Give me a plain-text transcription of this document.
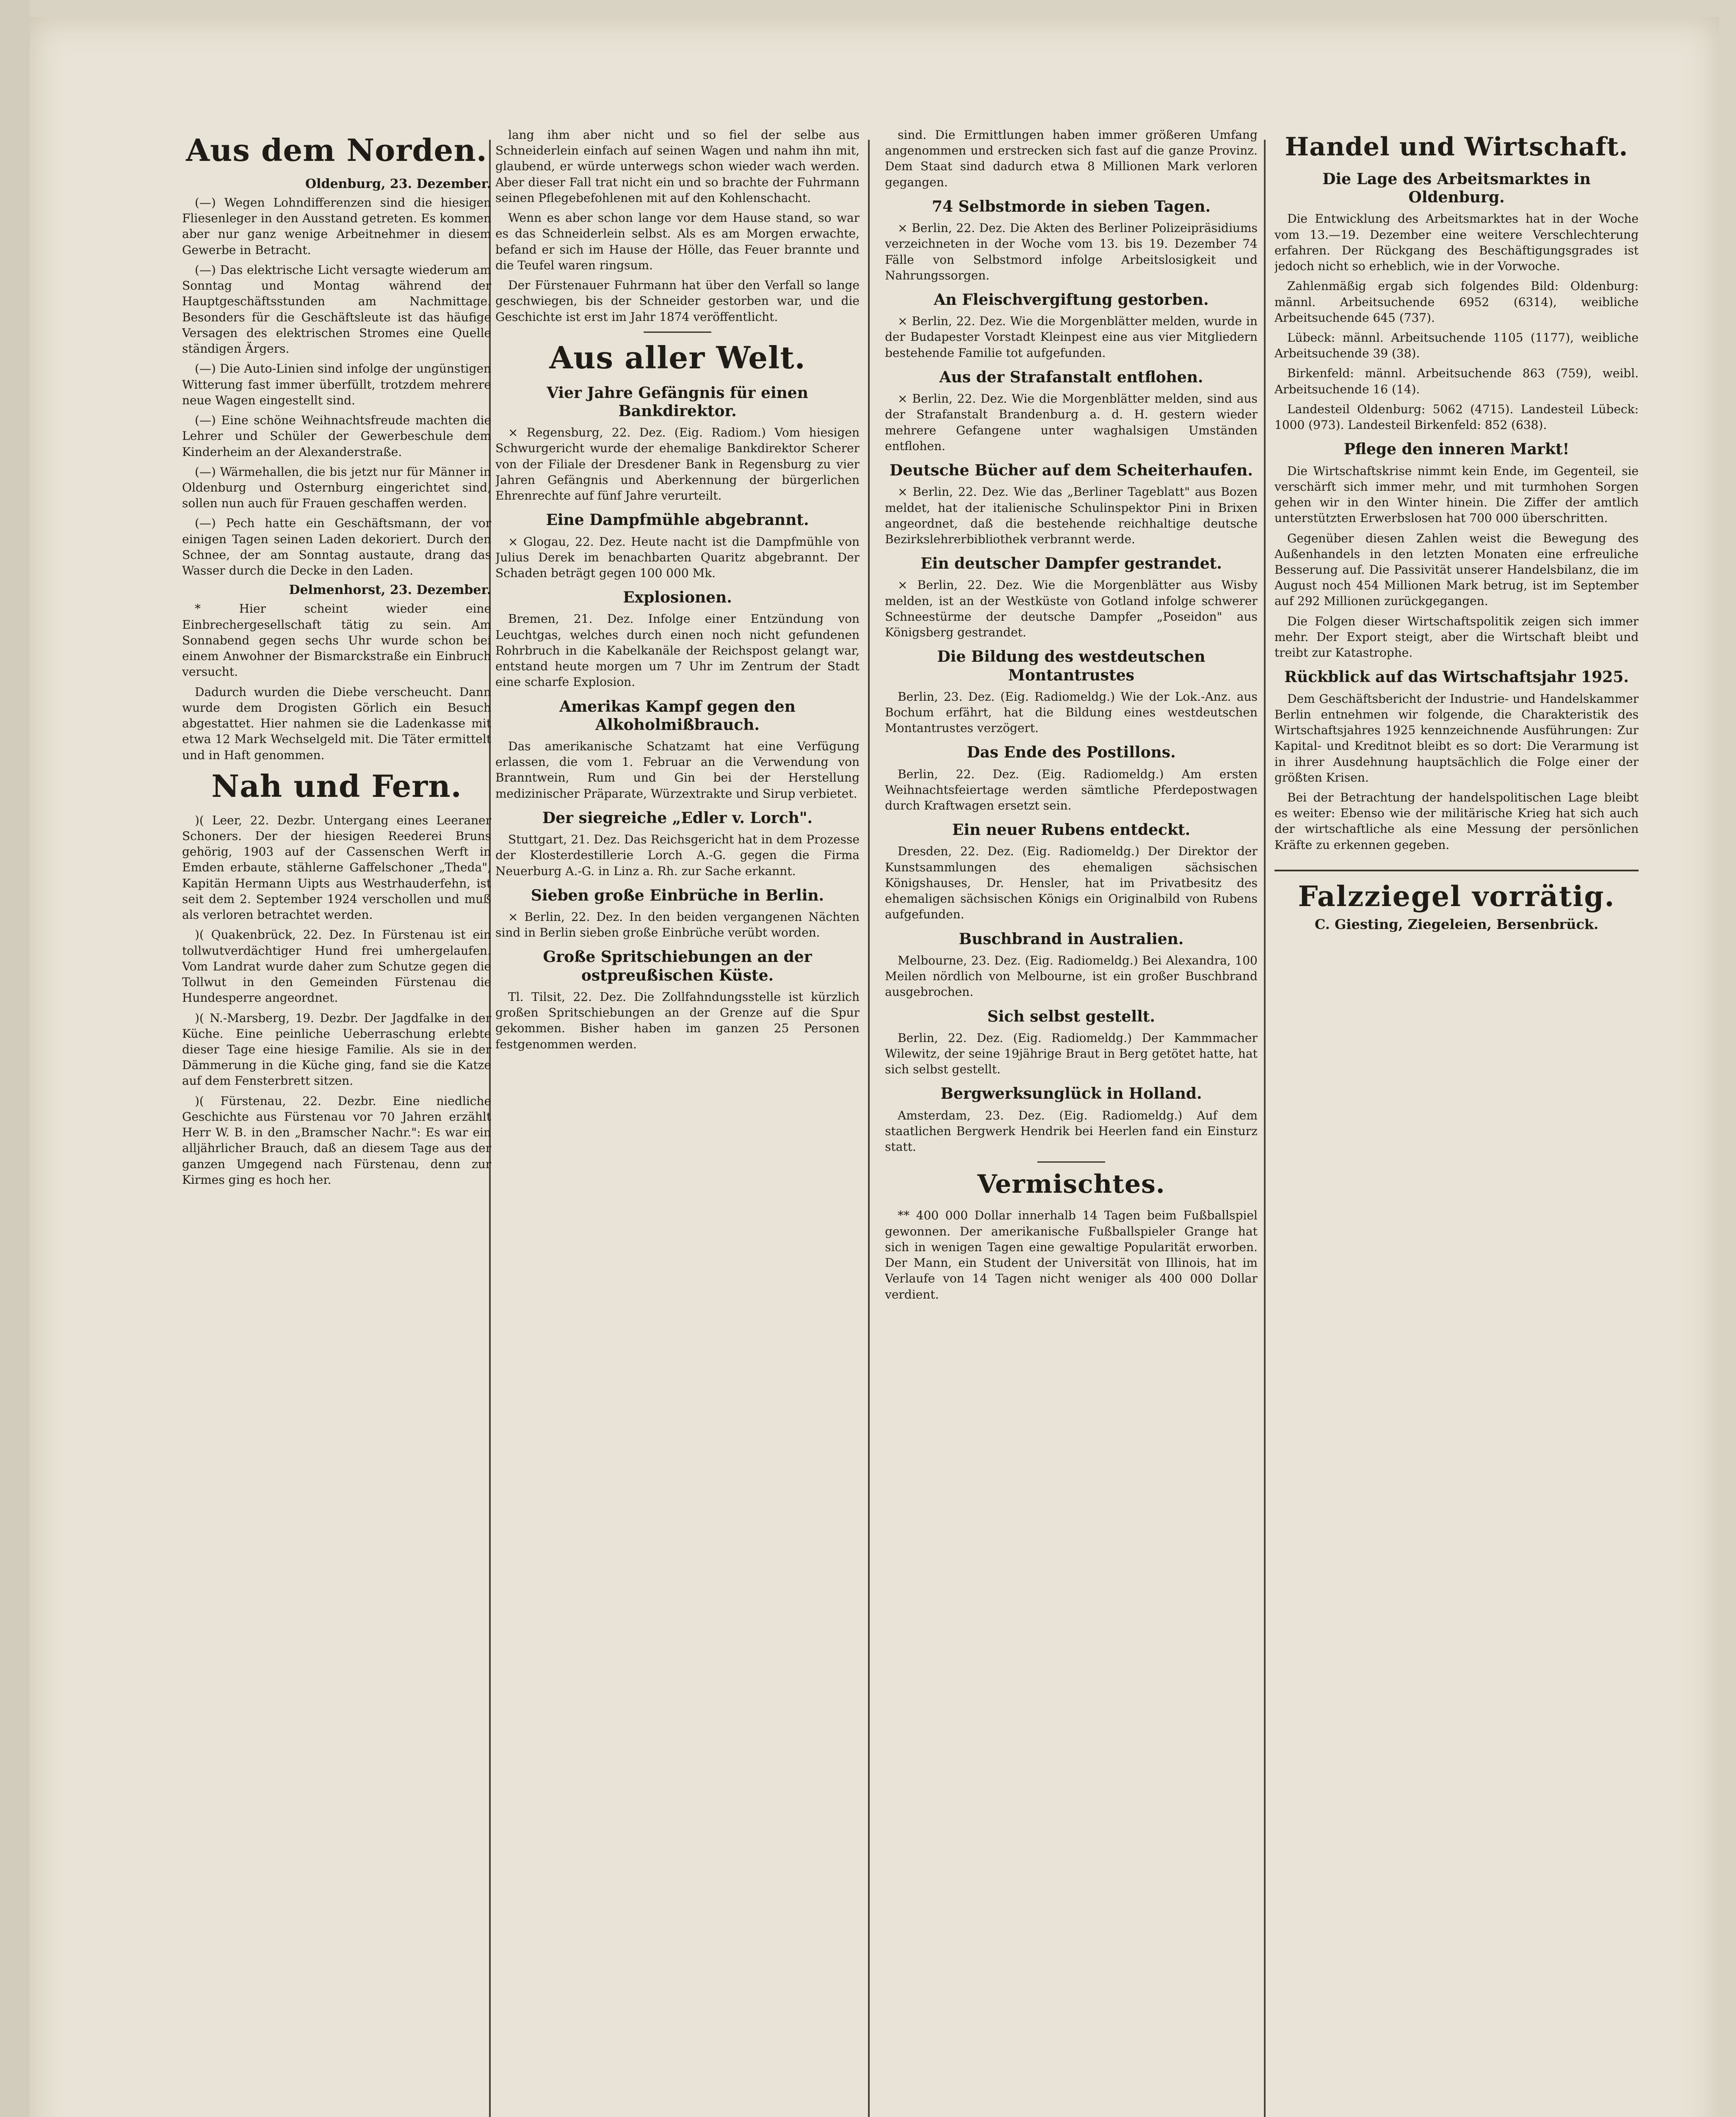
Aus dem Norden.
Oldenburg, 23. Dezember.

(—) Wegen Lohndifferenzen sind die hiesigen Fliesenleger in den Ausstand getreten. Es kommen aber nur ganz wenige Arbeitnehmer in diesem Gewerbe in Betracht.

(—) Das elektrische Licht versagte wiederum am Sonntag und Montag während der Hauptgeschäftsstunden am Nachmittage. Besonders für die Geschäftsleute ist das häufige Versagen des elektrischen Stromes eine Quelle ständigen Ärgers.

(—) Die Auto-Linien sind infolge der ungünstigen Witterung fast immer überfüllt, trotzdem mehrere neue Wagen eingestellt sind.

(—) Eine schöne Weihnachtsfreude machten die Lehrer und Schüler der Gewerbeschule dem Kinderheim an der Alexanderstraße.

(—) Wärmehallen, die bis jetzt nur für Männer in Oldenburg und Osternburg eingerichtet sind, sollen nun auch für Frauen geschaffen werden.

(—) Pech hatte ein Geschäftsmann, der vor einigen Tagen seinen Laden dekoriert. Durch den Schnee, der am Sonntag austaute, drang das Wasser durch die Decke in den Laden.

Delmenhorst, 23. Dezember.

* Hier scheint wieder eine Einbrechergesellschaft tätig zu sein. Am Sonnabend gegen sechs Uhr wurde schon bei einem Anwohner der Bismarckstraße ein Einbruch versucht.

Dadurch wurden die Diebe verscheucht. Dann wurde dem Drogisten Görlich ein Besuch abgestattet. Hier nahmen sie die Ladenkasse mit etwa 12 Mark Wechselgeld mit. Die Täter ermittelt und in Haft genommen.

Nah und Fern.

)( Leer, 22. Dezbr. Untergang eines Leeraner Schoners. Der der hiesigen Reederei Bruns gehörig, 1903 auf der Cassenschen Werft in Emden erbaute, stählerne Gaffelschoner „Theda", Kapitän Hermann Uipts aus Westrhauderfehn, ist seit dem 2. September 1924 verschollen und muß als verloren betrachtet werden.

)( Quakenbrück, 22. Dez. In Fürstenau ist ein tollwutverdächtiger Hund frei umhergelaufen. Vom Landrat wurde daher zum Schutze gegen die Tollwut in den Gemeinden Fürstenau die Hundesperre angeordnet.

)( N.-Marsberg, 19. Dezbr. Der Jagdfalke in der Küche. Eine peinliche Ueberraschung erlebte dieser Tage eine hiesige Familie. Als sie in der Dämmerung in die Küche ging, fand sie die Katze auf dem Fensterbrett sitzen.

)( Fürstenau, 22. Dezbr. Eine niedliche Geschichte aus Fürstenau vor 70 Jahren erzählt Herr W. B. in den „Bramscher Nachr.": Es war ein alljährlicher Brauch, daß an diesem Tage aus der ganzen Umgegend nach Fürstenau, denn zur Kirmes ging es hoch her.

lang ihm aber nicht und so fiel der selbe aus Schneiderlein einfach auf seinen Wagen und nahm ihn mit, glaubend, er würde unterwegs schon wieder wach werden. Aber dieser Fall trat nicht ein und so brachte der Fuhrmann seinen Pflegebefohlenen mit auf den Kohlenschacht.

Wenn es aber schon lange vor dem Hause stand, so war es das Schneiderlein selbst. Als es am Morgen erwachte, befand er sich im Hause der Hölle, das Feuer brannte und die Teufel waren ringsum.

Der Fürstenauer Fuhrmann hat über den Verfall so lange geschwiegen, bis der Schneider gestorben war, und die Geschichte ist erst im Jahr 1874 veröffentlicht.

Aus aller Welt.
Vier Jahre Gefängnis für einen Bankdirektor.

× Regensburg, 22. Dez. (Eig. Radiom.) Vom hiesigen Schwurgericht wurde der ehemalige Bankdirektor Scherer von der Filiale der Dresdener Bank in Regensburg zu vier Jahren Gefängnis und Aberkennung der bürgerlichen Ehrenrechte auf fünf Jahre verurteilt.

Eine Dampfmühle abgebrannt.

× Glogau, 22. Dez. Heute nacht ist die Dampfmühle von Julius Derek im benachbarten Quaritz abgebrannt. Der Schaden beträgt gegen 100 000 Mk.

Explosionen.

Bremen, 21. Dez. Infolge einer Entzündung von Leuchtgas, welches durch einen noch nicht gefundenen Rohrbruch in die Kabelkanäle der Reichspost gelangt war, entstand heute morgen um 7 Uhr im Zentrum der Stadt eine scharfe Explosion.

Amerikas Kampf gegen den Alkoholmißbrauch.

Das amerikanische Schatzamt hat eine Verfügung erlassen, die vom 1. Februar an die Verwendung von Branntwein, Rum und Gin bei der Herstellung medizinischer Präparate, Würzextrakte und Sirup verbietet.

Der siegreiche „Edler v. Lorch".

Stuttgart, 21. Dez. Das Reichsgericht hat in dem Prozesse der Klosterdestillerie Lorch A.-G. gegen die Firma Neuerburg A.-G. in Linz a. Rh. zur Sache erkannt.

Sieben große Einbrüche in Berlin.

× Berlin, 22. Dez. In den beiden vergangenen Nächten sind in Berlin sieben große Einbrüche verübt worden.

Große Spritschiebungen an der ostpreußischen Küste.

Tl. Tilsit, 22. Dez. Die Zollfahndungsstelle ist kürzlich großen Spritschiebungen an der Grenze auf die Spur gekommen. Bisher haben im ganzen 25 Personen festgenommen werden.

sind. Die Ermittlungen haben immer größeren Umfang angenommen und erstrecken sich fast auf die ganze Provinz. Dem Staat sind dadurch etwa 8 Millionen Mark verloren gegangen.

74 Selbstmorde in sieben Tagen.

× Berlin, 22. Dez. Die Akten des Berliner Polizeipräsidiums verzeichneten in der Woche vom 13. bis 19. Dezember 74 Fälle von Selbstmord infolge Arbeitslosigkeit und Nahrungssorgen.

An Fleischvergiftung gestorben.

× Berlin, 22. Dez. Wie die Morgenblätter melden, wurde in der Budapester Vorstadt Kleinpest eine aus vier Mitgliedern bestehende Familie tot aufgefunden.

Aus der Strafanstalt entflohen.

× Berlin, 22. Dez. Wie die Morgenblätter melden, sind aus der Strafanstalt Brandenburg a. d. H. gestern wieder mehrere Gefangene unter waghalsigen Umständen entflohen.

Deutsche Bücher auf dem Scheiterhaufen.

× Berlin, 22. Dez. Wie das „Berliner Tageblatt" aus Bozen meldet, hat der italienische Schulinspektor Pini in Brixen angeordnet, daß die bestehende reichhaltige deutsche Bezirkslehrerbibliothek verbrannt werde.

Ein deutscher Dampfer gestrandet.

× Berlin, 22. Dez. Wie die Morgenblätter aus Wisby melden, ist an der Westküste von Gotland infolge schwerer Schneestürme der deutsche Dampfer „Poseidon" aus Königsberg gestrandet.

Die Bildung des westdeutschen Montantrustes

Berlin, 23. Dez. (Eig. Radiomeldg.) Wie der Lok.-Anz. aus Bochum erfährt, hat die Bildung eines westdeutschen Montantrustes verzögert.

Das Ende des Postillons.

Berlin, 22. Dez. (Eig. Radiomeldg.) Am ersten Weihnachtsfeiertage werden sämtliche Pferdepostwagen durch Kraftwagen ersetzt sein.

Ein neuer Rubens entdeckt.

Dresden, 22. Dez. (Eig. Radiomeldg.) Der Direktor der Kunstsammlungen des ehemaligen sächsischen Königshauses, Dr. Hensler, hat im Privatbesitz des ehemaligen sächsischen Königs ein Originalbild von Rubens aufgefunden.

Buschbrand in Australien.

Melbourne, 23. Dez. (Eig. Radiomeldg.) Bei Alexandra, 100 Meilen nördlich von Melbourne, ist ein großer Buschbrand ausgebrochen.

Sich selbst gestellt.

Berlin, 22. Dez. (Eig. Radiomeldg.) Der Kammmacher Wilewitz, der seine 19jährige Braut in Berg getötet hatte, hat sich selbst gestellt.

Bergwerksunglück in Holland.

Amsterdam, 23. Dez. (Eig. Radiomeldg.) Auf dem staatlichen Bergwerk Hendrik bei Heerlen fand ein Einsturz statt.

Vermischtes.

** 400 000 Dollar innerhalb 14 Tagen beim Fußballspiel gewonnen. Der amerikanische Fußballspieler Grange hat sich in wenigen Tagen eine gewaltige Popularität erworben. Der Mann, ein Student der Universität von Illinois, hat im Verlaufe von 14 Tagen nicht weniger als 400 000 Dollar verdient.

Handel und Wirtschaft.
Die Lage des Arbeitsmarktes in Oldenburg.

Die Entwicklung des Arbeitsmarktes hat in der Woche vom 13.—19. Dezember eine weitere Verschlechterung erfahren. Der Rückgang des Beschäftigungsgrades ist jedoch nicht so erheblich, wie in der Vorwoche.

Zahlenmäßig ergab sich folgendes Bild: Oldenburg: männl. Arbeitsuchende 6952 (6314), weibliche Arbeitsuchende 645 (737).

Lübeck: männl. Arbeitsuchende 1105 (1177), weibliche Arbeitsuchende 39 (38).

Birkenfeld: männl. Arbeitsuchende 863 (759), weibl. Arbeitsuchende 16 (14).

Landesteil Oldenburg: 5062 (4715). Landesteil Lübeck: 1000 (973). Landesteil Birkenfeld: 852 (638).

Pflege den inneren Markt!

Die Wirtschaftskrise nimmt kein Ende, im Gegenteil, sie verschärft sich immer mehr, und mit turmhohen Sorgen gehen wir in den Winter hinein. Die Ziffer der amtlich unterstützten Erwerbslosen hat 700 000 überschritten.

Gegenüber diesen Zahlen weist die Bewegung des Außenhandels in den letzten Monaten eine erfreuliche Besserung auf. Die Passivität unserer Handelsbilanz, die im August noch 454 Millionen Mark betrug, ist im September auf 292 Millionen zurückgegangen.

Die Folgen dieser Wirtschaftspolitik zeigen sich immer mehr. Der Export steigt, aber die Wirtschaft bleibt und treibt zur Katastrophe.

Rückblick auf das Wirtschaftsjahr 1925.

Dem Geschäftsbericht der Industrie- und Handelskammer Berlin entnehmen wir folgende, die Charakteristik des Wirtschaftsjahres 1925 kennzeichnende Ausführungen: Zur Kapital- und Kreditnot bleibt es so dort: Die Verarmung ist in ihrer Ausdehnung hauptsächlich die Folge einer der größten Krisen.

Bei der Betrachtung der handelspolitischen Lage bleibt es weiter: Ebenso wie der militärische Krieg hat sich auch der wirtschaftliche als eine Messung der persönlichen Kräfte zu erkennen gegeben.

Falzziegel vorrätig.
C. Giesting, Ziegeleien, Bersenbrück.
